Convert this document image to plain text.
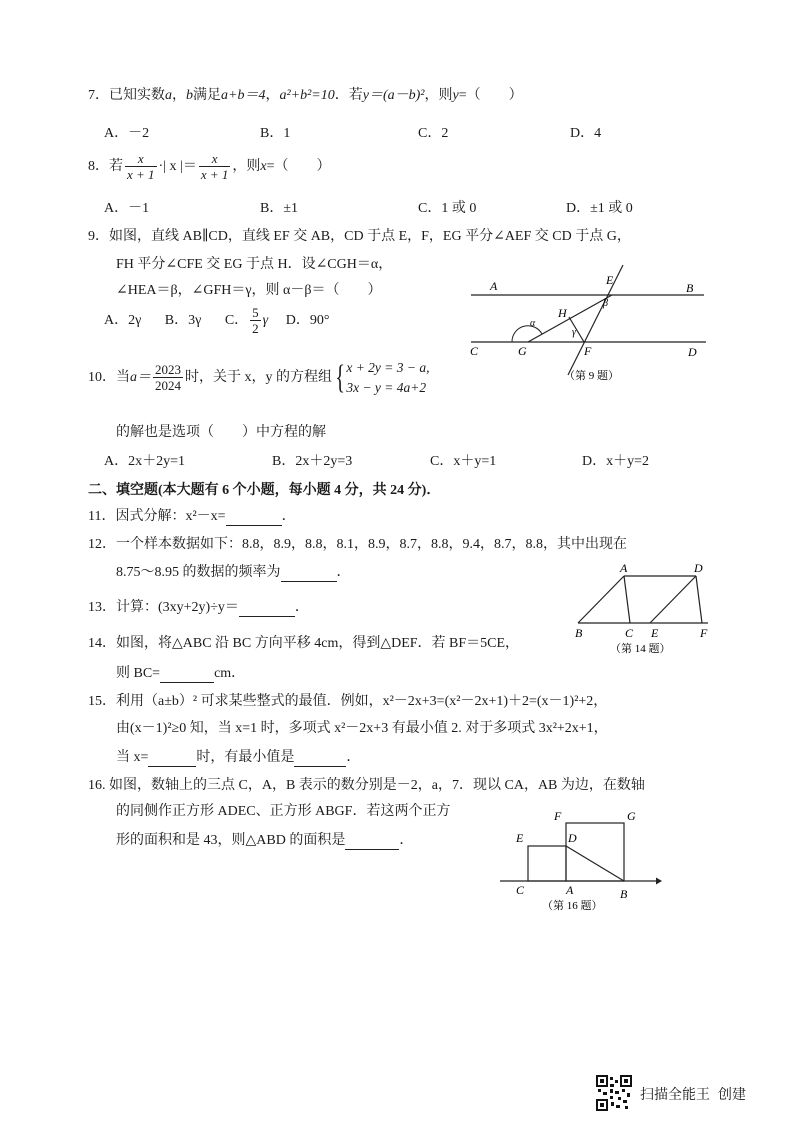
7．已知实数a，b满足a+b＝4，a²+b²=10．若y＝(a－b)²，则y=（　　）
A．－2	B．1	C．2	D．4
8．若 $\frac{x}{x + 1}$ ·| x |＝ $\frac{x}{x + 1}$ ，则x=（　　）
A．－1	B．±1	C．1 或 0	D．±1 或 0
9．如图，直线 AB∥CD，直线 EF 交 AB，CD 于点 E，F，EG 平分∠AEF 交 CD 于点 G，
FH 平分∠CFE 交 EG 于点 H．设∠CGH＝α，
∠HEA＝β，∠GFH＝γ，则 α－β＝（　　）
A．2γ B．3γ C． $\frac{5}{2}$ γ D．90°
A	B
E
β
H
α
γ
C	G	F	D
（第 9 题）
10．当$a= \frac{2023}{2024}$ 时，关于 x，y 的方程组{ x + 2y = 3 − a,
3x − y = 4a+2
的解也是选项（　　）中方程的解
A．2x＋2y=1	B．2x＋2y=3	C．x＋y=1	D．x＋y=2
二、填空题(本大题有 6 个小题，每小题 4 分，共 24 分)．
11．因式分解：x²－x=	．
12．一个样本数据如下：8.8，8.9，8.8，8.1，8.9，8.7，8.8，9.4，8.7，8.8，其中出现在
8.75～8.95 的数据的频率为	．
13．计算：(3xy+2y)÷y＝	．
A	D
B	C E	F
（第 14 题）
14．如图，将△ABC 沿 BC 方向平移 4cm，得到△DEF．若 BF＝5CE，
则 BC=	cm．
15．利用（a±b）² 可求某些整式的最值．例如，x²－2x+3=(x²－2x+1)＋2=(x－1)²+2，
由(x－1)²≥0 知，当 x=1 时，多项式 x²－2x+3 有最小值 2. 对于多项式 3x²+2x+1，
当 x=	时，有最小值是	．
16. 如图，数轴上的三点 C，A，B 表示的数分别是－2，a，7．现以 CA，AB 为边，在数轴
的同侧作正方形 ADEC、正方形 ABGF．若这两个正方
形的面积和是 43，则△ABD 的面积是	．
F	G
E	D
C	A	B
（第 16 题）
扫描全能王 创建
